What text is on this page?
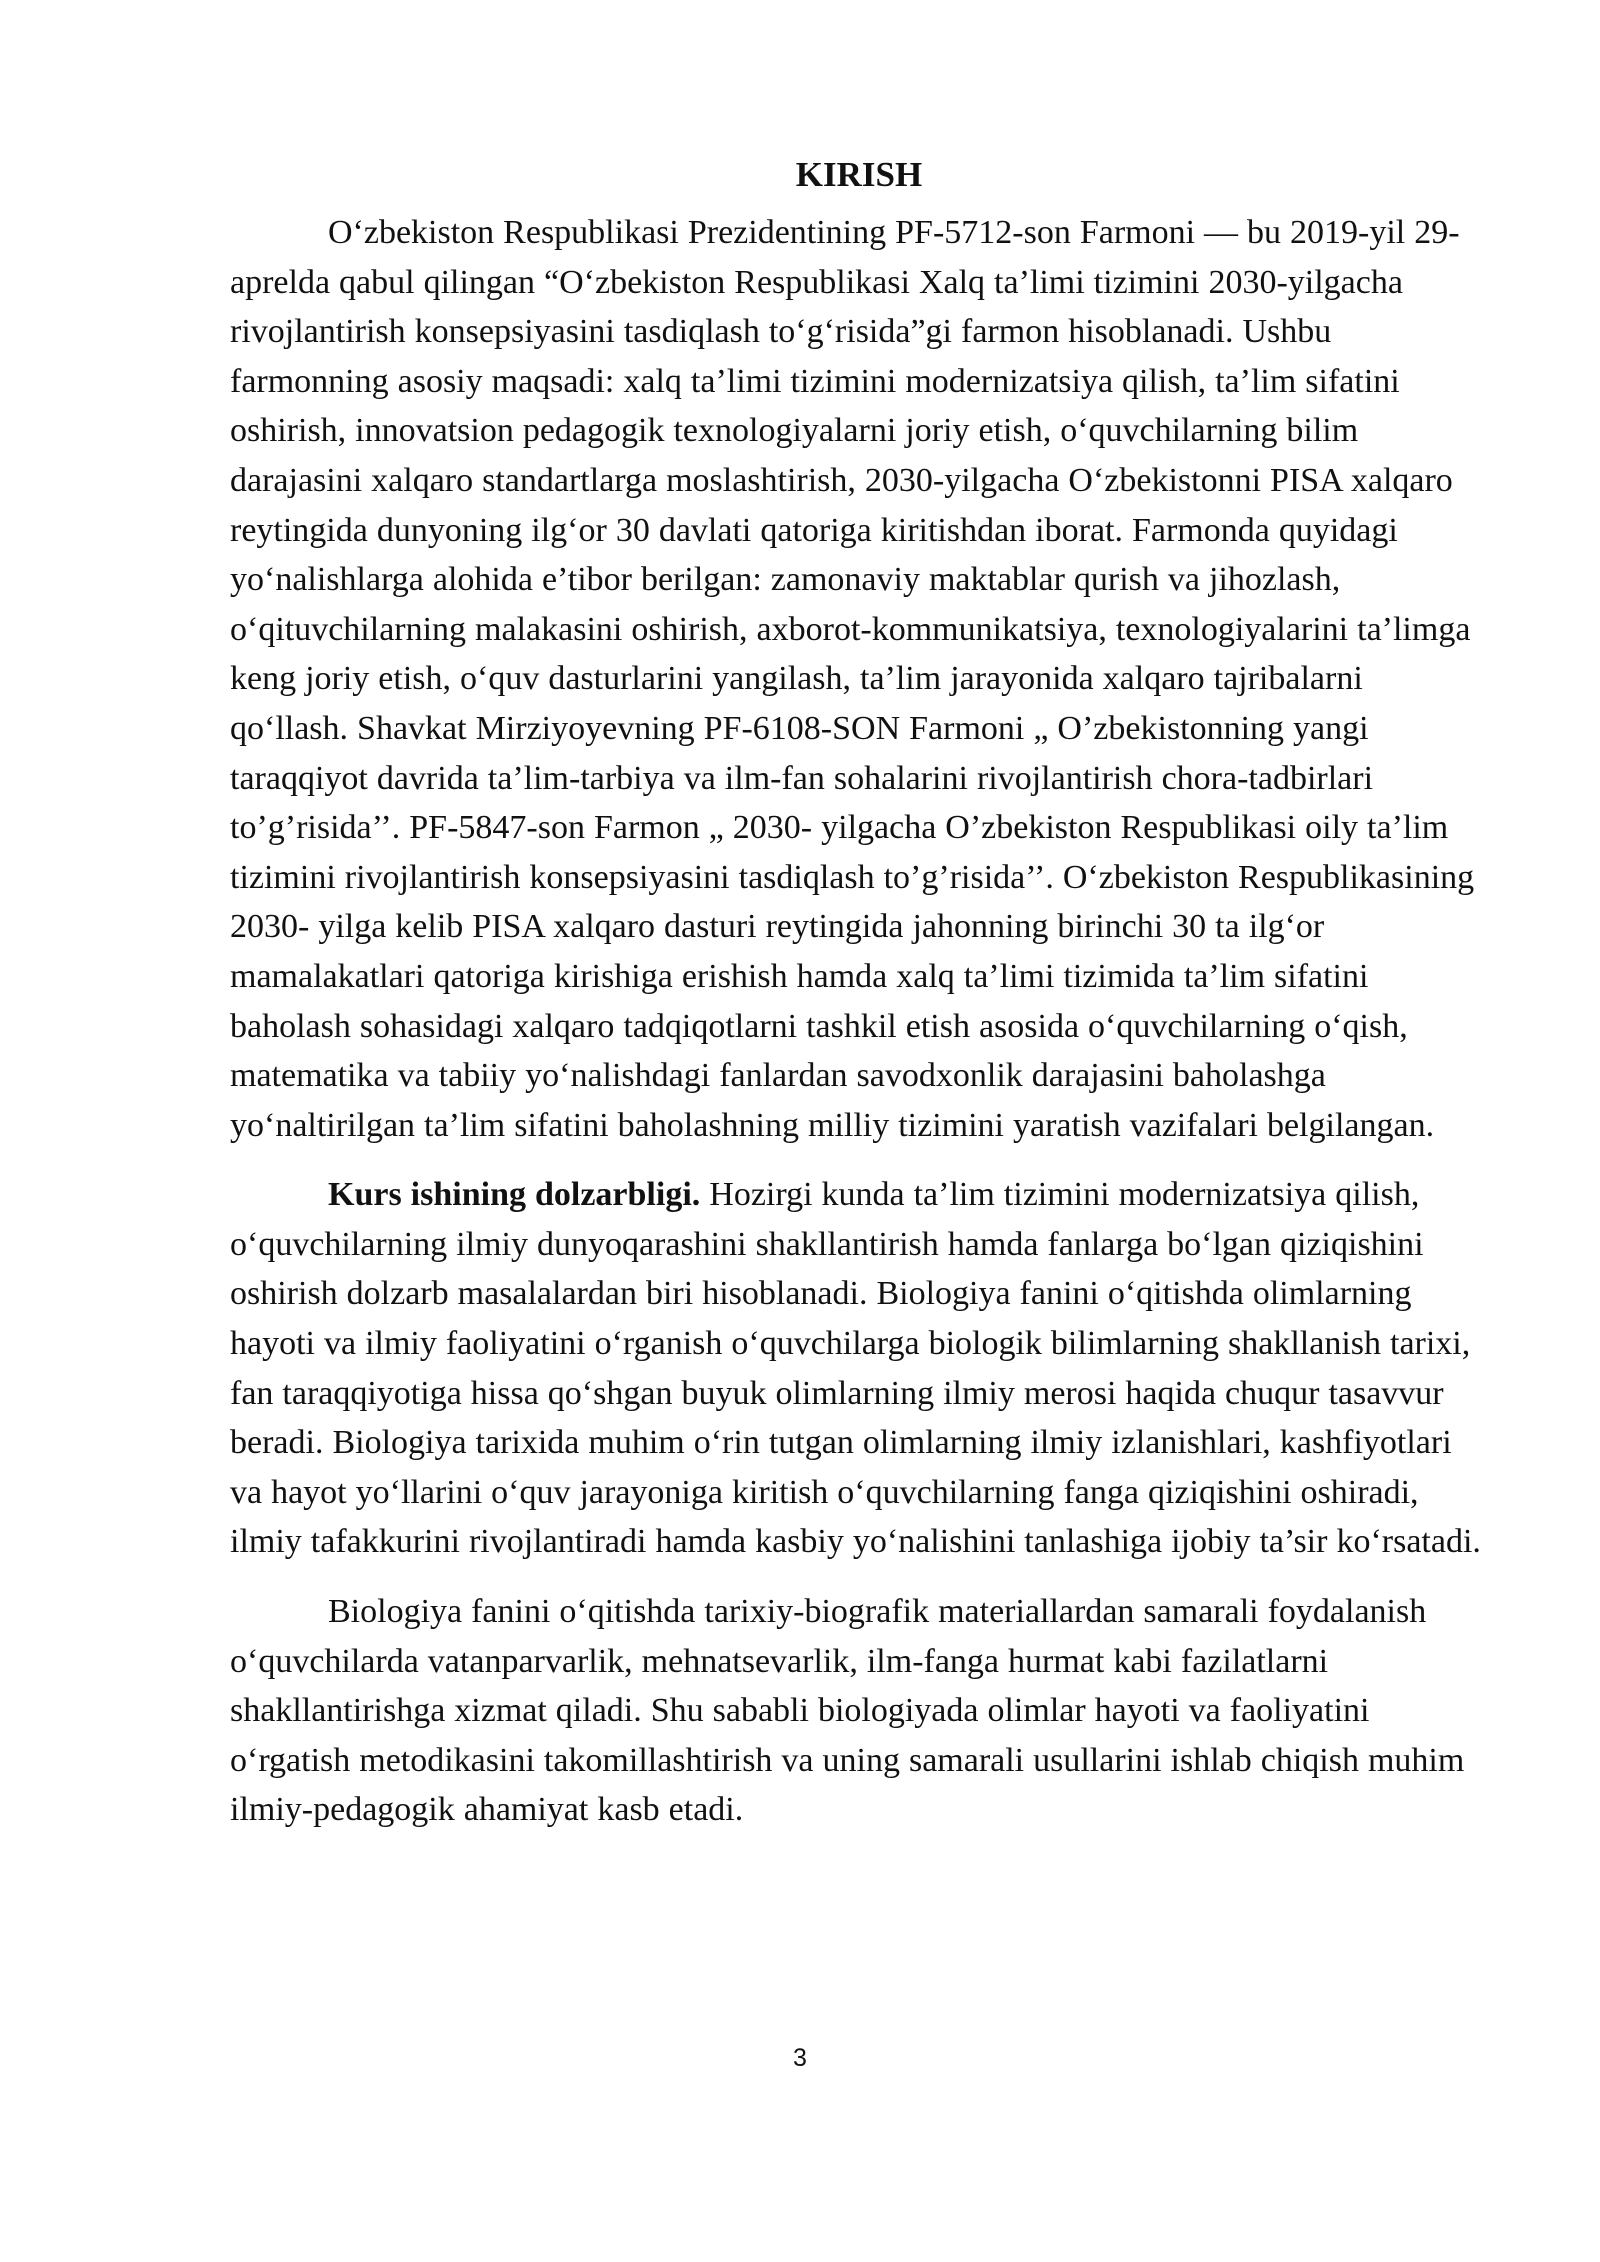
KIRISH

O‘zbekiston Respublikasi Prezidentining PF-5712-son Farmoni — bu 2019-yil 29-aprelda qabul qilingan “O‘zbekiston Respublikasi Xalq ta’limi tizimini 2030-yilgacha rivojlantirish konsepsiyasini tasdiqlash to‘g‘risida”gi farmon hisoblanadi. Ushbu farmonning asosiy maqsadi: xalq ta’limi tizimini modernizatsiya qilish, ta’lim sifatini oshirish, innovatsion pedagogik texnologiyalarni joriy etish, o‘quvchilarning bilim darajasini xalqaro standartlarga moslashtirish, 2030-yilgacha O‘zbekistonni PISA xalqaro reytingida dunyoning ilg‘or 30 davlati qatoriga kiritishdan iborat. Farmonda quyidagi yo‘nalishlarga alohida e’tibor berilgan: zamonaviy maktablar qurish va jihozlash, o‘qituvchilarning malakasini oshirish, axborot-kommunikatsiya, texnologiyalarini ta’limga keng joriy etish, o‘quv dasturlarini yangilash, ta’lim jarayonida xalqaro tajribalarni qo‘llash. Shavkat Mirziyoyevning PF-6108-SON Farmoni „ O’zbekistonning yangi taraqqiyot davrida ta’lim-tarbiya va ilm-fan sohalarini rivojlantirish chora-tadbirlari to’g’risida’’. PF-5847-son Farmon „ 2030- yilgacha O’zbekiston Respublikasi oily ta’lim tizimini rivojlantirish konsepsiyasini tasdiqlash to’g’risida’’. O‘zbekiston Respublikasining 2030- yilga kelib PISA xalqaro dasturi reytingida jahonning birinchi 30 ta ilg‘or mamalakatlari qatoriga kirishiga erishish hamda xalq ta’limi tizimida ta’lim sifatini baholash sohasidagi xalqaro tadqiqotlarni tashkil etish asosida o‘quvchilarning o‘qish, matematika va tabiiy yo‘nalishdagi fanlardan savodxonlik darajasini baholashga yo‘naltirilgan ta’lim sifatini baholashning milliy tizimini yaratish vazifalari belgilangan.

Kurs ishining dolzarbligi. Hozirgi kunda ta’lim tizimini modernizatsiya qilish, o‘quvchilarning ilmiy dunyoqarashini shakllantirish hamda fanlarga bo‘lgan qiziqishini oshirish dolzarb masalalardan biri hisoblanadi. Biologiya fanini o‘qitishda olimlarning hayoti va ilmiy faoliyatini o‘rganish o‘quvchilarga biologik bilimlarning shakllanish tarixi, fan taraqqiyotiga hissa qo‘shgan buyuk olimlarning ilmiy merosi haqida chuqur tasavvur beradi. Biologiya tarixida muhim o‘rin tutgan olimlarning ilmiy izlanishlari, kashfiyotlari va hayot yo‘llarini o‘quv jarayoniga kiritish o‘quvchilarning fanga qiziqishini oshiradi, ilmiy tafakkurini rivojlantiradi hamda kasbiy yo‘nalishini tanlashiga ijobiy ta’sir ko‘rsatadi.

Biologiya fanini o‘qitishda tarixiy-biografik materiallardan samarali foydalanish o‘quvchilarda vatanparvarlik, mehnatsevarlik, ilm-fanga hurmat kabi fazilatlarni shakllantirishga xizmat qiladi. Shu sababli biologiyada olimlar hayoti va faoliyatini o‘rgatish metodikasini takomillashtirish va uning samarali usullarini ishlab chiqish muhim ilmiy-pedagogik ahamiyat kasb etadi.

3
